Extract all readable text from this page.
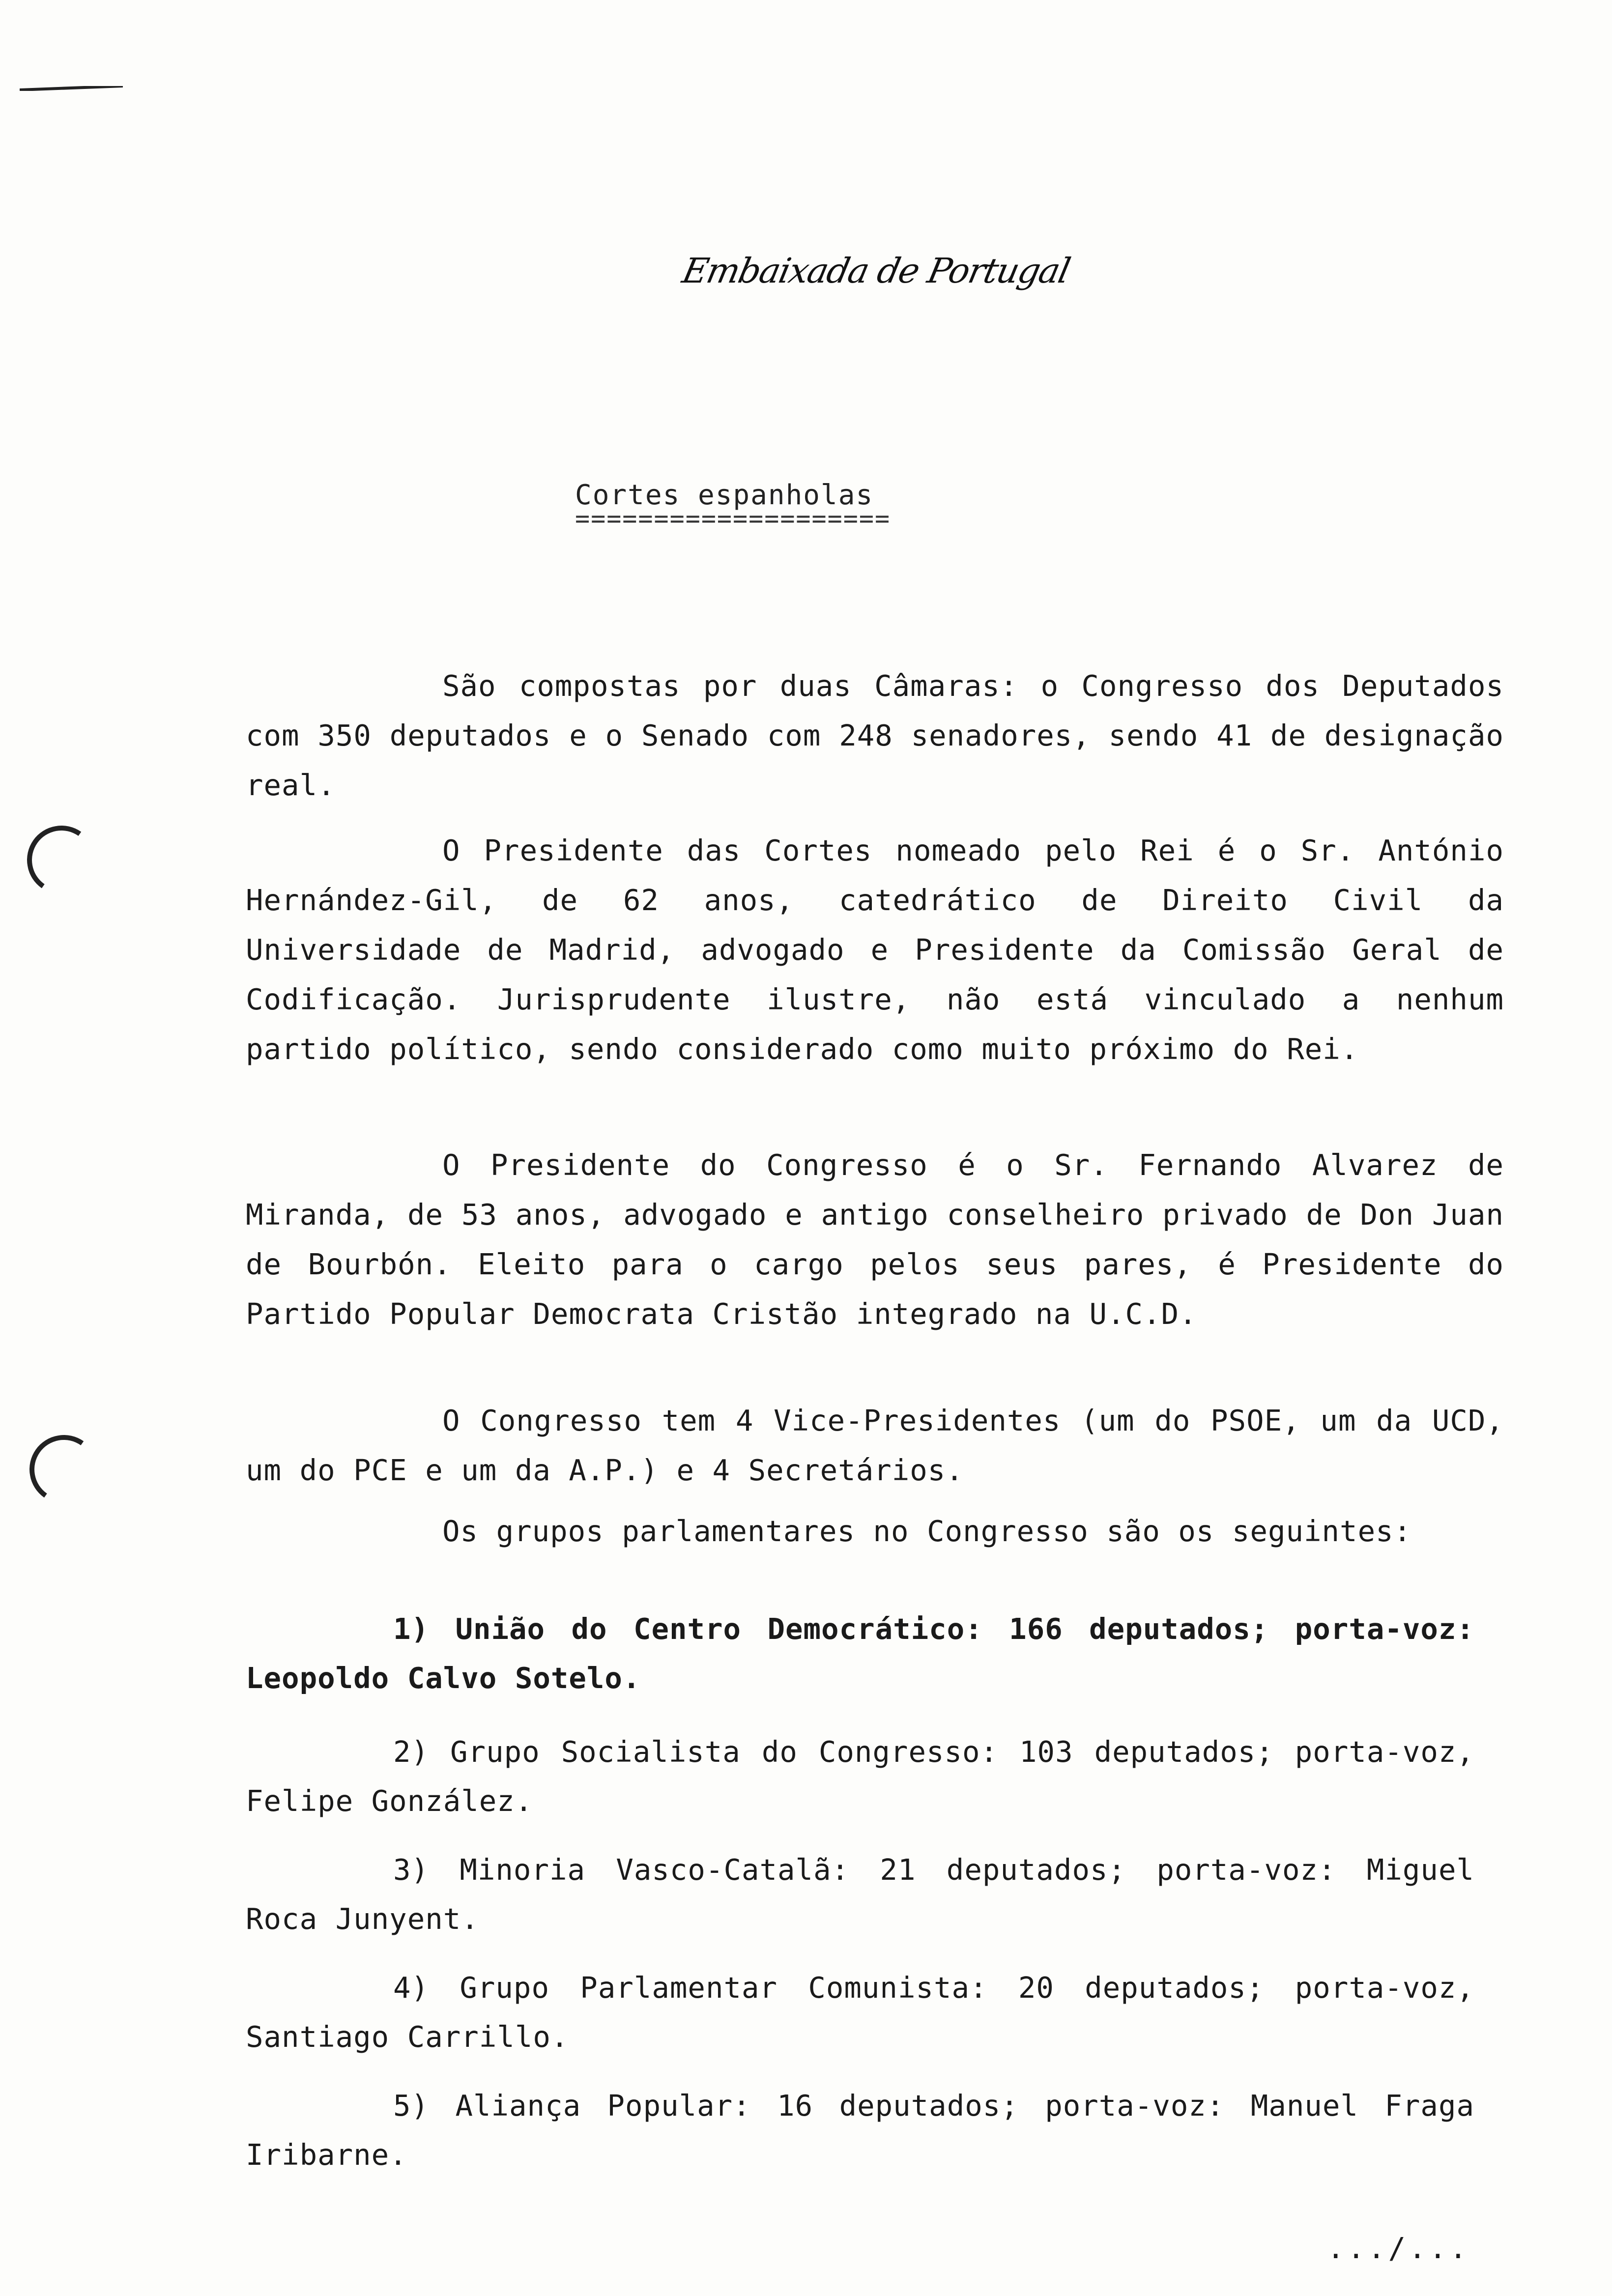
Embaixada de Portugal
Cortes espanholas
====================

São compostas por duas Câmaras: o Congresso dos Deputados com 350 deputados e o Senado com 248 senadores, sendo 41 de designação real.

O Presidente das Cortes nomeado pelo Rei é o Sr. António Hernández-Gil, de 62 anos, catedrático de Direito Civil da Universidade de Madrid, advogado e Presidente da Comissão Geral de Codificação. Jurisprudente ilustre, não está vinculado a nenhum partido político, sendo considerado como muito próximo do Rei.

O Presidente do Congresso é o Sr. Fernando Alvarez de Miranda, de 53 anos, advogado e antigo conselheiro privado de Don Juan de Bourbón. Eleito para o cargo pelos seus pares, é Presidente do Partido Popular Democrata Cristão integrado na U.C.D.

O Congresso tem 4 Vice-Presidentes (um do PSOE, um da UCD, um do PCE e um da A.P.) e 4 Secretários.

Os grupos parlamentares no Congresso são os seguintes:

1) União do Centro Democrático: 166 deputados; porta-voz: Leopoldo Calvo Sotelo.

2) Grupo Socialista do Congresso: 103 deputados; porta-voz, Felipe González.

3) Minoria Vasco-Catalã: 21 deputados; porta-voz: Miguel Roca Junyent.

4) Grupo Parlamentar Comunista: 20 deputados; porta-voz, Santiago Carrillo.

5) Aliança Popular: 16 deputados; porta-voz: Manuel Fraga Iribarne.

.../...
